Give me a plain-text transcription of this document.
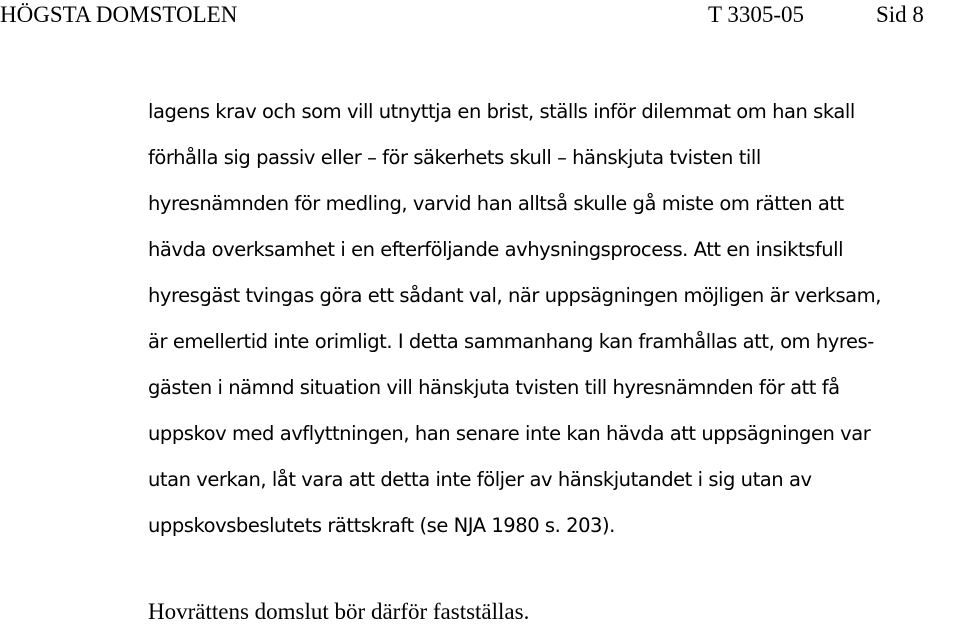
HÖGSTA DOMSTOLEN	T 3305-05	Sid 8
lagens krav och som vill utnyttja en brist, ställs inför dilemmat om han skall
förhålla sig passiv eller – för säkerhets skull – hänskjuta tvisten till
hyresnämnden för medling, varvid han alltså skulle gå miste om rätten att
hävda overksamhet i en efterföljande avhysningsprocess. Att en insiktsfull
hyresgäst tvingas göra ett sådant val, när uppsägningen möjligen är verksam,
är emellertid inte orimligt. I detta sammanhang kan framhållas att, om hyres-
gästen i nämnd situation vill hänskjuta tvisten till hyresnämnden för att få
uppskov med avflyttningen, han senare inte kan hävda att uppsägningen var
utan verkan, låt vara att detta inte följer av hänskjutandet i sig utan av
uppskovsbeslutets rättskraft (se NJA 1980 s. 203).
Hovrättens domslut bör därför fastställas.
